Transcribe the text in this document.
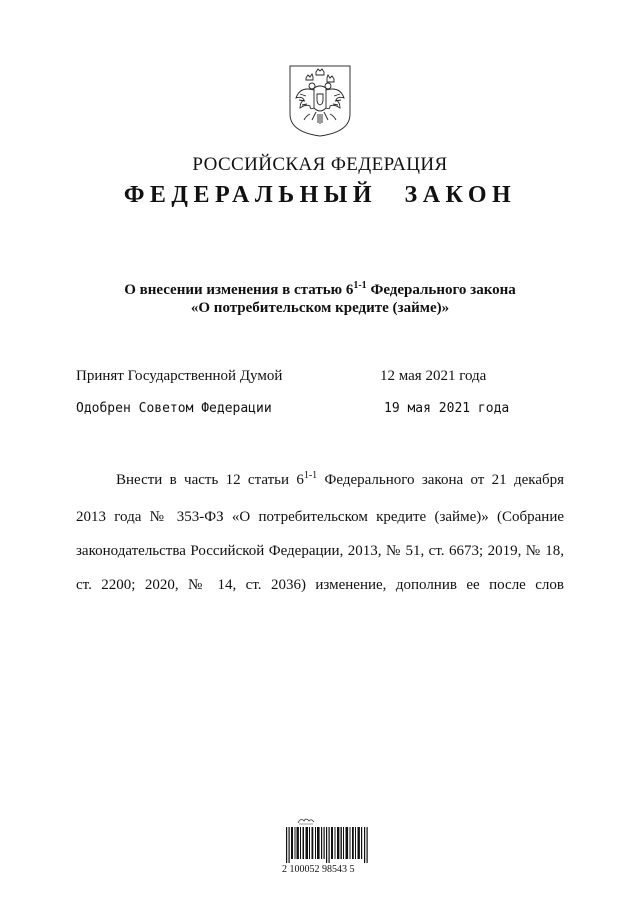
РОССИЙСКАЯ ФЕДЕРАЦИЯ
ФЕДЕРАЛЬНЫЙ ЗАКОН
О внесении изменения в статью 6$^{1-1}$ Федерального закона
«О потребительском кредите (займе)»
Принят Государственной Думой	12 мая 2021 года
Одобрен Советом Федерации	19 мая 2021 года
Внести в часть 12 статьи 6$^{1-1}$ Федерального закона от 21 декабря
2013 года № 353-ФЗ «О потребительском кредите (займе)» (Собрание
законодательства Российской Федерации, 2013, № 51, ст. 6673; 2019, № 18,
ст. 2200; 2020, № 14, ст. 2036) изменение, дополнив ее после слов
2 100052 98543 5
